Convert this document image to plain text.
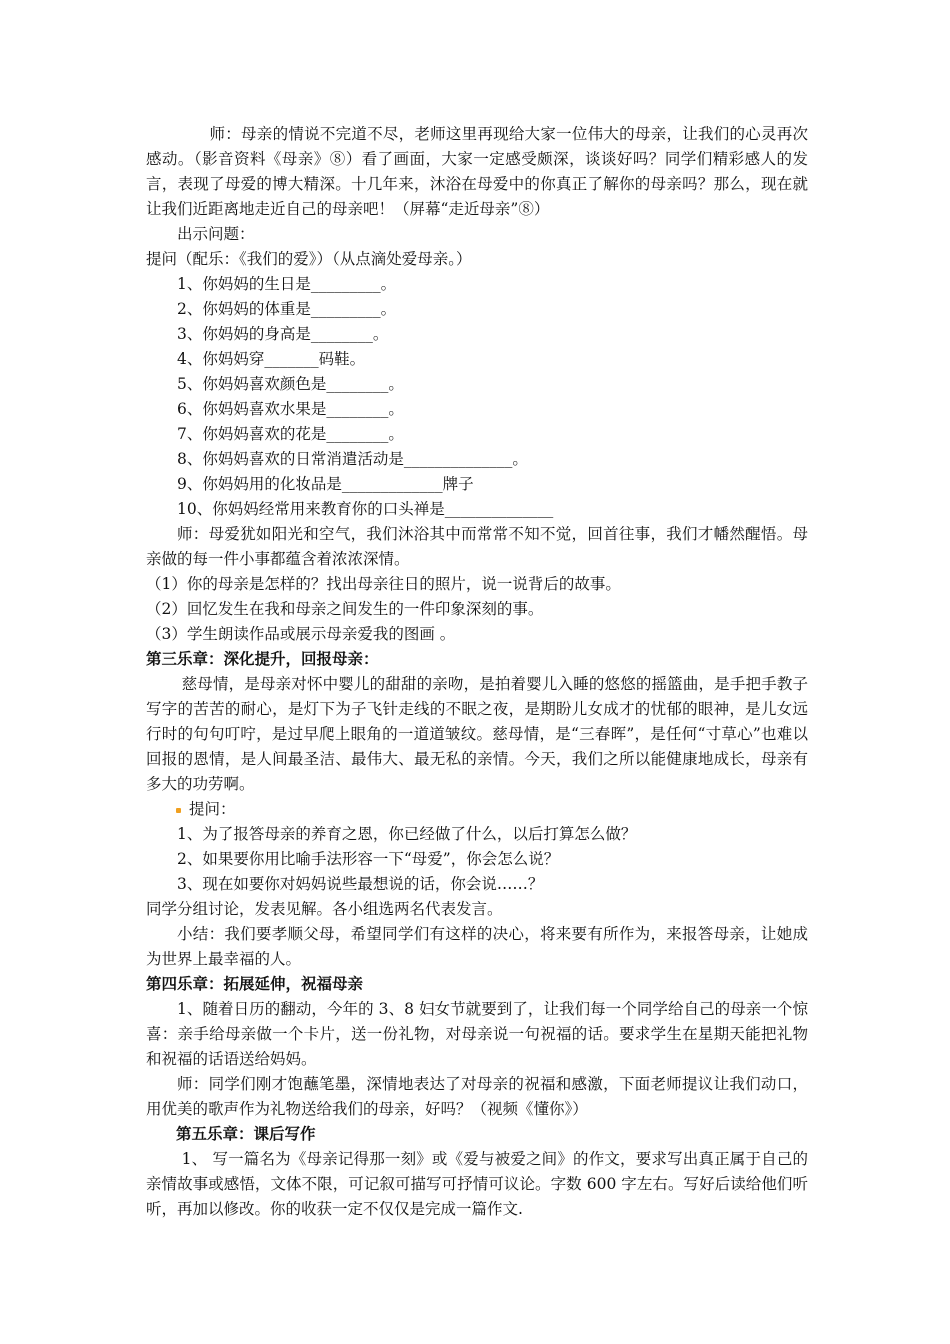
师：母亲的情说不完道不尽，老师这里再现给大家一位伟大的母亲，让我们的心灵再次感动。（影音资料《母亲》⑧）看了画面，大家一定感受颇深，谈谈好吗？同学们精彩感人的发言，表现了母爱的博大精深。十几年来，沐浴在母爱中的你真正了解你的母亲吗？那么，现在就让我们近距离地走近自己的母亲吧！（屏幕“走近母亲”⑧）

出示问题：

提问（配乐：《我们的爱》）（从点滴处爱母亲。）

1、你妈妈的生日是_________。

2、你妈妈的体重是_________。

3、你妈妈的身高是________。

4、你妈妈穿_______码鞋。

5、你妈妈喜欢颜色是________。

6、你妈妈喜欢水果是________。

7、你妈妈喜欢的花是________。

8、你妈妈喜欢的日常消遣活动是______________。

9、你妈妈用的化妆品是_____________牌子

10、你妈妈经常用来教育你的口头禅是______________

师：母爱犹如阳光和空气，我们沐浴其中而常常不知不觉，回首往事，我们才幡然醒悟。母亲做的每一件小事都蕴含着浓浓深情。

（1）你的母亲是怎样的？找出母亲往日的照片，说一说背后的故事。

（2）回忆发生在我和母亲之间发生的一件印象深刻的事。

（3）学生朗读作品或展示母亲爱我的图画 。

第三乐章：深化提升，回报母亲：

慈母情，是母亲对怀中婴儿的甜甜的亲吻，是拍着婴儿入睡的悠悠的摇篮曲，是手把手教子写字的苦苦的耐心，是灯下为子飞针走线的不眠之夜，是期盼儿女成才的忧郁的眼神，是儿女远行时的句句叮咛，是过早爬上眼角的一道道皱纹。慈母情，是“三春晖”，是任何“寸草心”也难以回报的恩情，是人间最圣洁、最伟大、最无私的亲情。今天，我们之所以能健康地成长，母亲有多大的功劳啊。

提问：

1、为了报答母亲的养育之恩，你已经做了什么，以后打算怎么做？

2、如果要你用比喻手法形容一下“母爱”，你会怎么说？

3、现在如要你对妈妈说些最想说的话，你会说……？

同学分组讨论，发表见解。各小组选两名代表发言。

小结：我们要孝顺父母，希望同学们有这样的决心，将来要有所作为，来报答母亲，让她成为世界上最幸福的人。

第四乐章：拓展延伸，祝福母亲

1、随着日历的翻动，今年的 3、8 妇女节就要到了，让我们每一个同学给自己的母亲一个惊喜：亲手给母亲做一个卡片，送一份礼物，对母亲说一句祝福的话。要求学生在星期天能把礼物和祝福的话语送给妈妈。

师：同学们刚才饱蘸笔墨，深情地表达了对母亲的祝福和感激，下面老师提议让我们动口，用优美的歌声作为礼物送给我们的母亲，好吗？（视频《懂你》）

第五乐章：课后写作

1、 写一篇名为《母亲记得那一刻》或《爱与被爱之间》的作文，要求写出真正属于自己的亲情故事或感悟，文体不限，可记叙可描写可抒情可议论。字数 600 字左右。写好后读给他们听听，再加以修改。你的收获一定不仅仅是完成一篇作文.
